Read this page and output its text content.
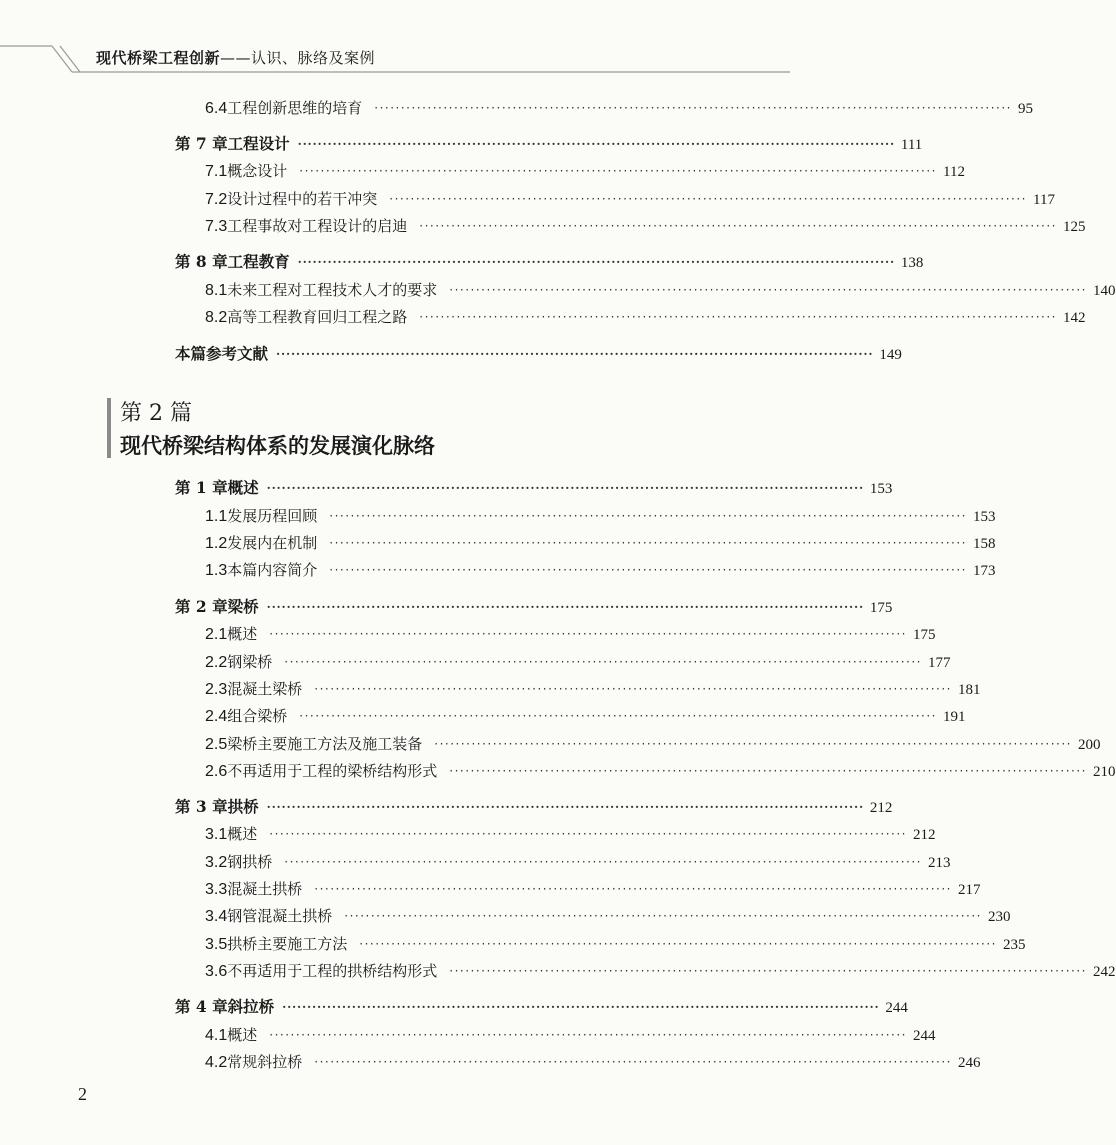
现代桥梁工程创新——认识、脉络及案例
6.4 工程创新思维的培育	························································································································ 95
第 7 章 工程设计 ························································································································ 111
7.1 概念设计	························································································································ 112
7.2 设计过程中的若干冲突	························································································································ 117
7.3 工程事故对工程设计的启迪	························································································································ 125
第 8 章 工程教育 ························································································································ 138
8.1 未来工程对工程技术人才的要求	························································································································ 140
8.2 高等工程教育回归工程之路	························································································································ 142
本篇参考文献 ························································································································ 149
第 1 章 概述 ························································································································ 153
1.1 发展历程回顾	························································································································ 153
1.2 发展内在机制	························································································································ 158
1.3 本篇内容简介	························································································································ 173
第 2 章 梁桥 ························································································································ 175
2.1 概述	························································································································ 175
2.2 钢梁桥	························································································································ 177
2.3 混凝土梁桥	························································································································ 181
2.4 组合梁桥	························································································································ 191
2.5 梁桥主要施工方法及施工装备	························································································································ 200
2.6 不再适用于工程的梁桥结构形式	························································································································ 210
第 3 章 拱桥 ························································································································ 212
3.1 概述	························································································································ 212
3.2 钢拱桥	························································································································ 213
3.3 混凝土拱桥	························································································································ 217
3.4 钢管混凝土拱桥	························································································································ 230
3.5 拱桥主要施工方法	························································································································ 235
3.6 不再适用于工程的拱桥结构形式	························································································································ 242
第 4 章 斜拉桥 ························································································································ 244
4.1 概述	························································································································ 244
4.2 常规斜拉桥	························································································································ 246
第 2 篇
现代桥梁结构体系的发展演化脉络
2
